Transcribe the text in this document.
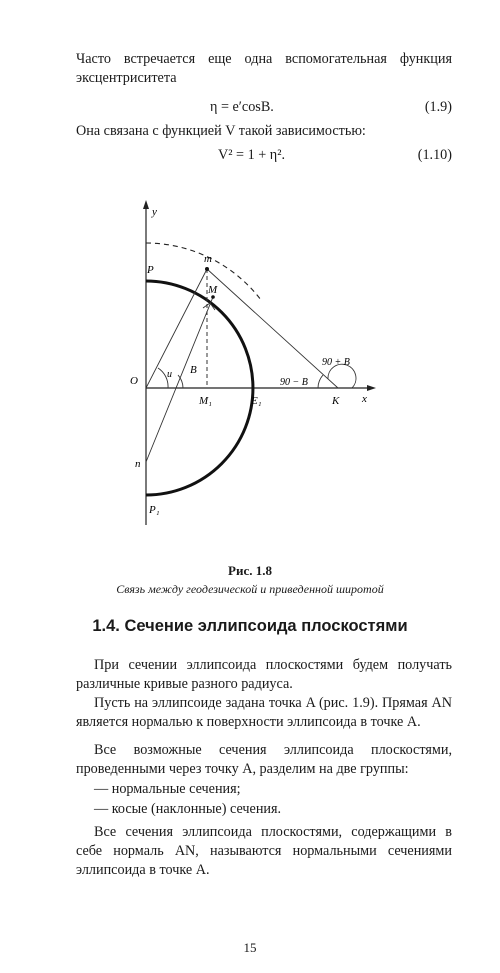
Часто встречается еще одна вспомогательная функция эксцентриситета

η = e′cosB.	(1.9)

Она связана с функцией V такой зависимостью:

V² = 1 + η².	(1.10)
y
x
O
P
P₁
m
M
M₁	E₁	K
n
u B
90 − B
90 + B
Рис. 1.8
Связь между геодезической и приведенной широтой
1.4. Сечение эллипсоида плоскостями

При сечении эллипсоида плоскостями будем получать различные кривые разного радиуса.

Пусть на эллипсоиде задана точка A (рис. 1.9). Прямая AN является нормалью к поверхности эллипсоида в точке A.

Все возможные сечения эллипсоида плоскостями, проведенными через точку А, разделим на две группы:

— нормальные сечения;

— косые (наклонные) сечения.

Все сечения эллипсоида плоскостями, содержащими в себе нормаль AN, называются нормальными сечениями эллипсоида в точке A.

15
